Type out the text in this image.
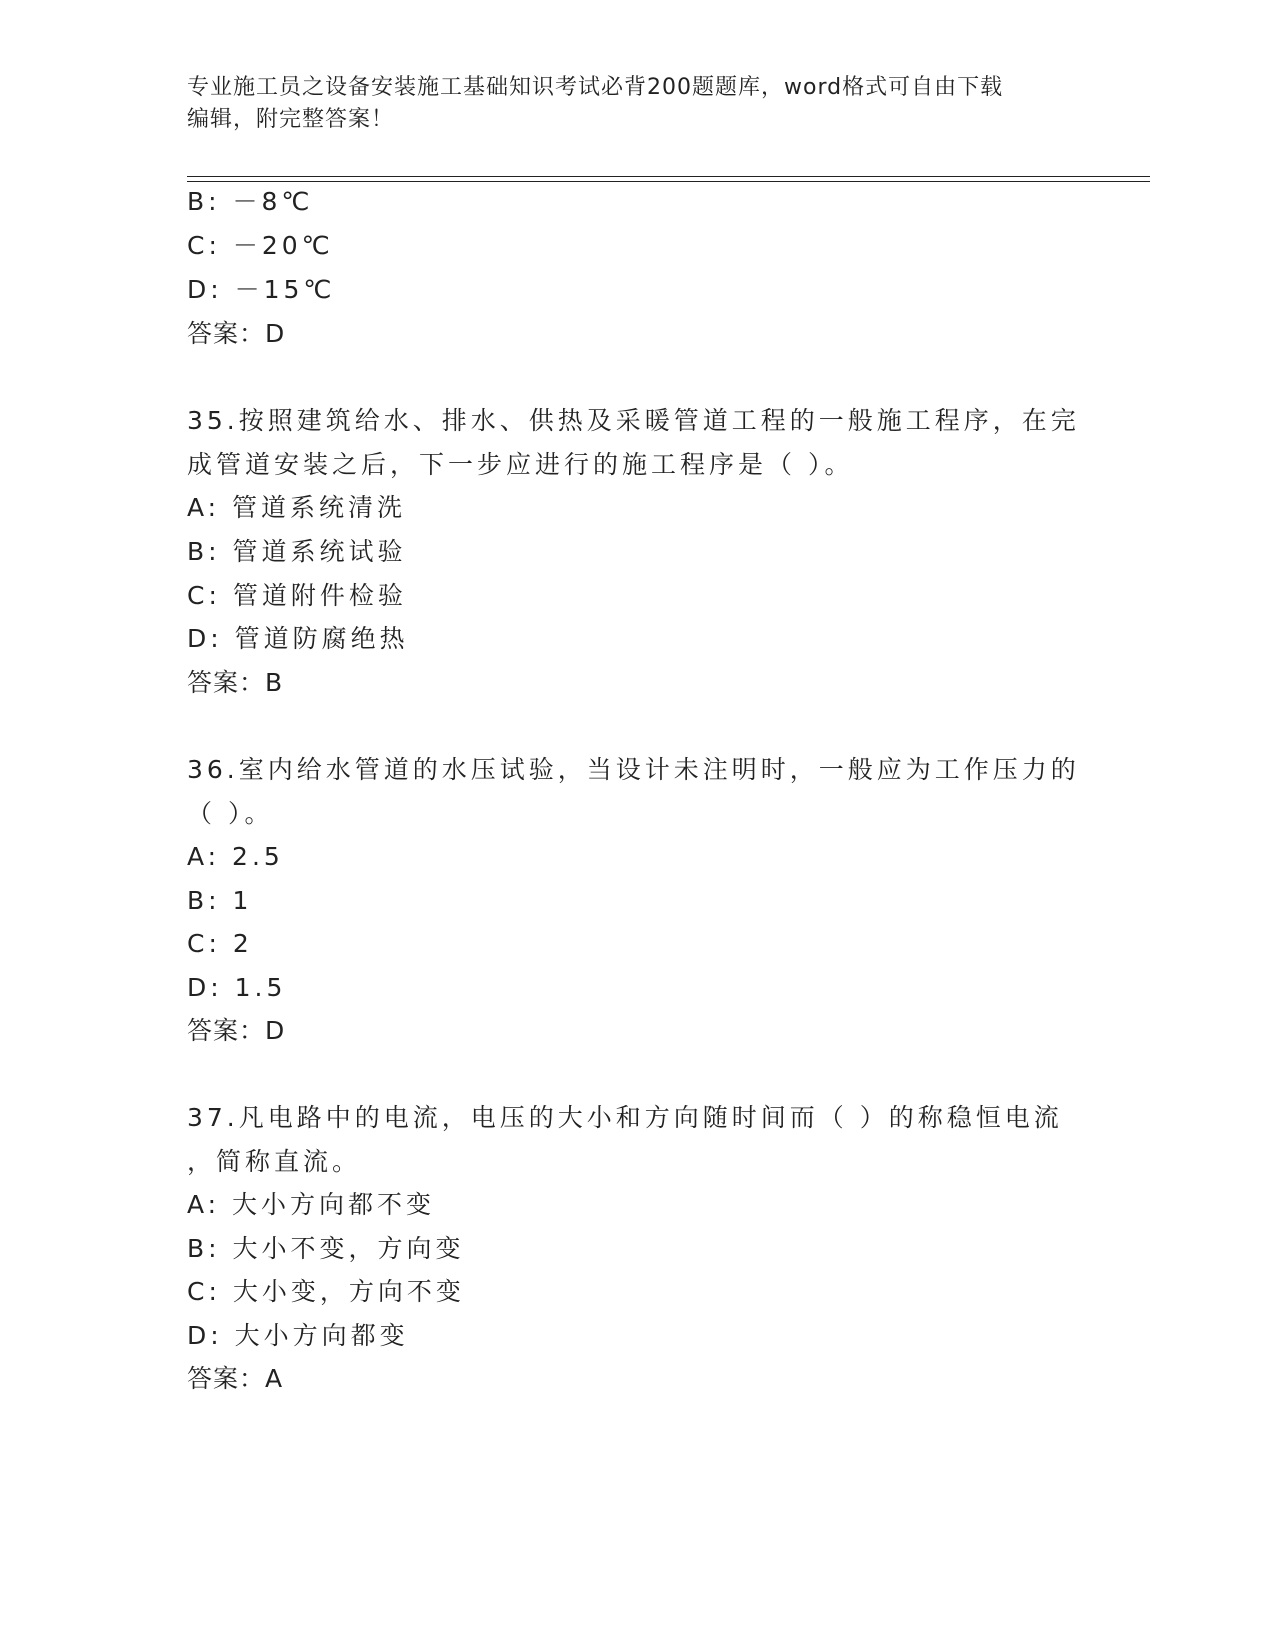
专业施工员之设备安装施工基础知识考试必背200题题库，word格式可自由下载
编辑，附完整答案！
B: －8℃
C: －20℃
D: －15℃
答案：D
35.按照建筑给水、排水、供热及采暖管道工程的一般施工程序，在完
成管道安装之后，下一步应进行的施工程序是（ ）。
A: 管道系统清洗
B: 管道系统试验
C: 管道附件检验
D: 管道防腐绝热
答案：B
36.室内给水管道的水压试验，当设计未注明时，一般应为工作压力的
（ ）。
A: 2.5
B: 1
C: 2
D: 1.5
答案：D
37.凡电路中的电流，电压的大小和方向随时间而（ ）的称稳恒电流
，简称直流。
A: 大小方向都不变
B: 大小不变，方向变
C: 大小变，方向不变
D: 大小方向都变
答案：A
